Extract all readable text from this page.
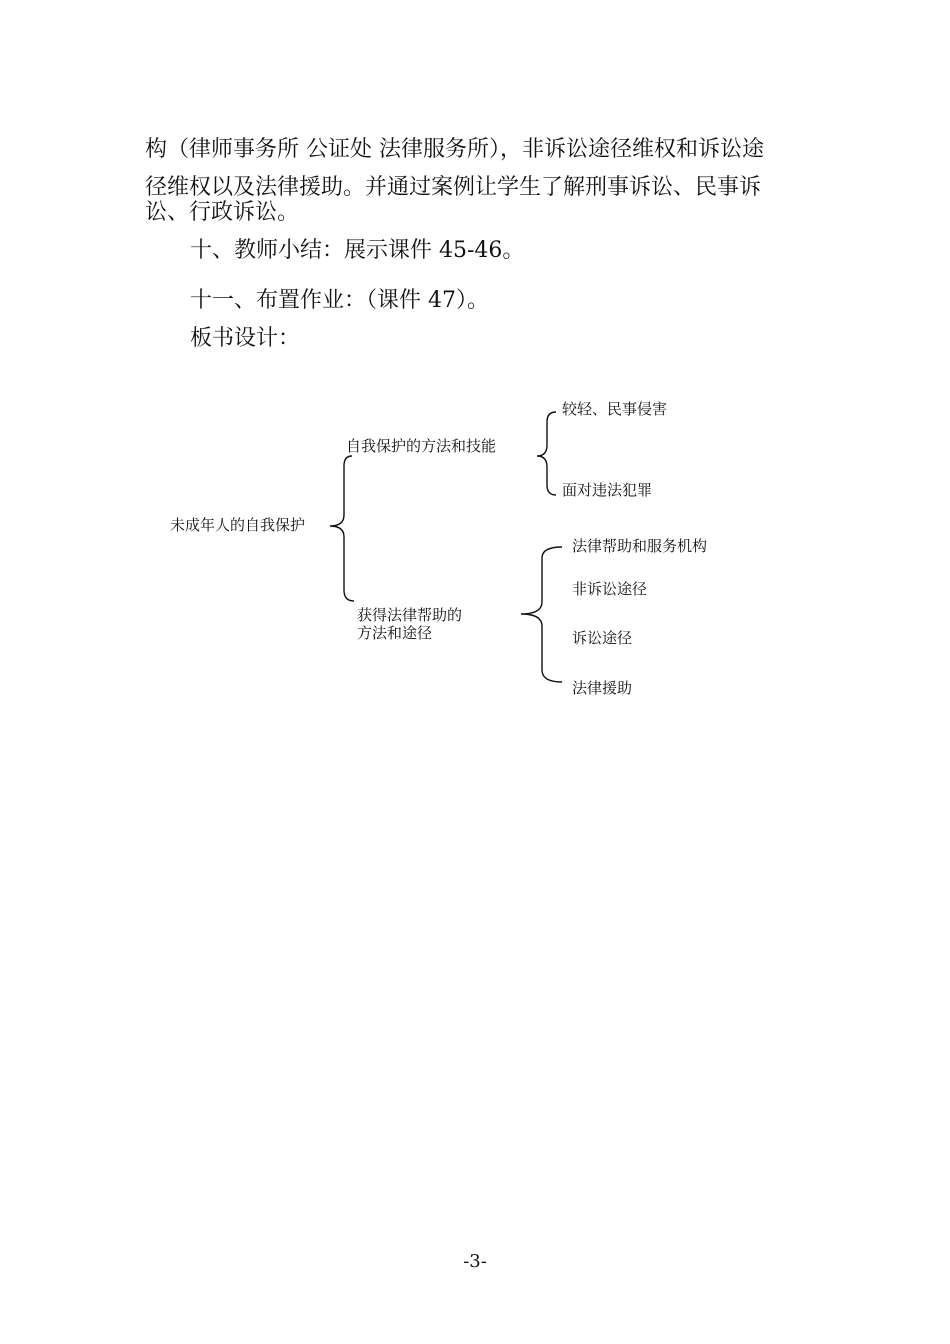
构（律师事务所 公证处 法律服务所），非诉讼途径维权和诉讼途

径维权以及法律援助。并通过案例让学生了解刑事诉讼、民事诉

讼、行政诉讼。

十、教师小结：展示课件 45-46。

十一、布置作业：（课件 47）。

板书设计：

未成年人的自我保护
自我保护的方法和技能
较轻、民事侵害
面对违法犯罪
获得法律帮助的
方法和途径
法律帮助和服务机构
非诉讼途径
诉讼途径
法律援助
-3-
